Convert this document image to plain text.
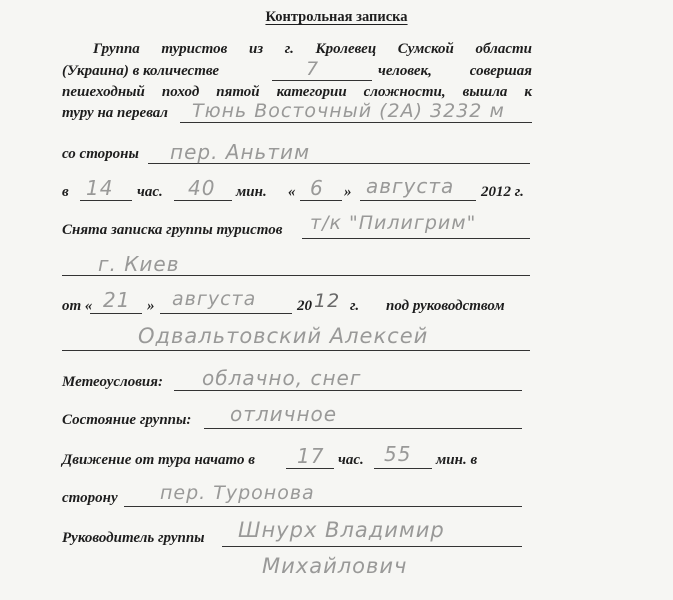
Контрольная записка
Группа туристов из г. Кролевец Сумской области
(Украина) в количестве	7	человек, совершая
пешеходный поход пятой категории сложности, вышла к
туру на перевал Тюнь Восточный (2А) 3232 м
со стороны пер. Аньтим
в 14 час. 40 мин. « 6 » августа 2012 г.
Снята записка группы туристов т/к "Пилигрим"
г. Киев
от « 21 » августа	20 12 г. под руководством
Одвальтовский Алексей
Метеоусловия: облачно, снег
Состояние группы: отличное
Движение от тура начато в 17 час. 55 мин. в
сторону пер. Туронова
Руководитель группы Шнурх Владимир
Михайлович
